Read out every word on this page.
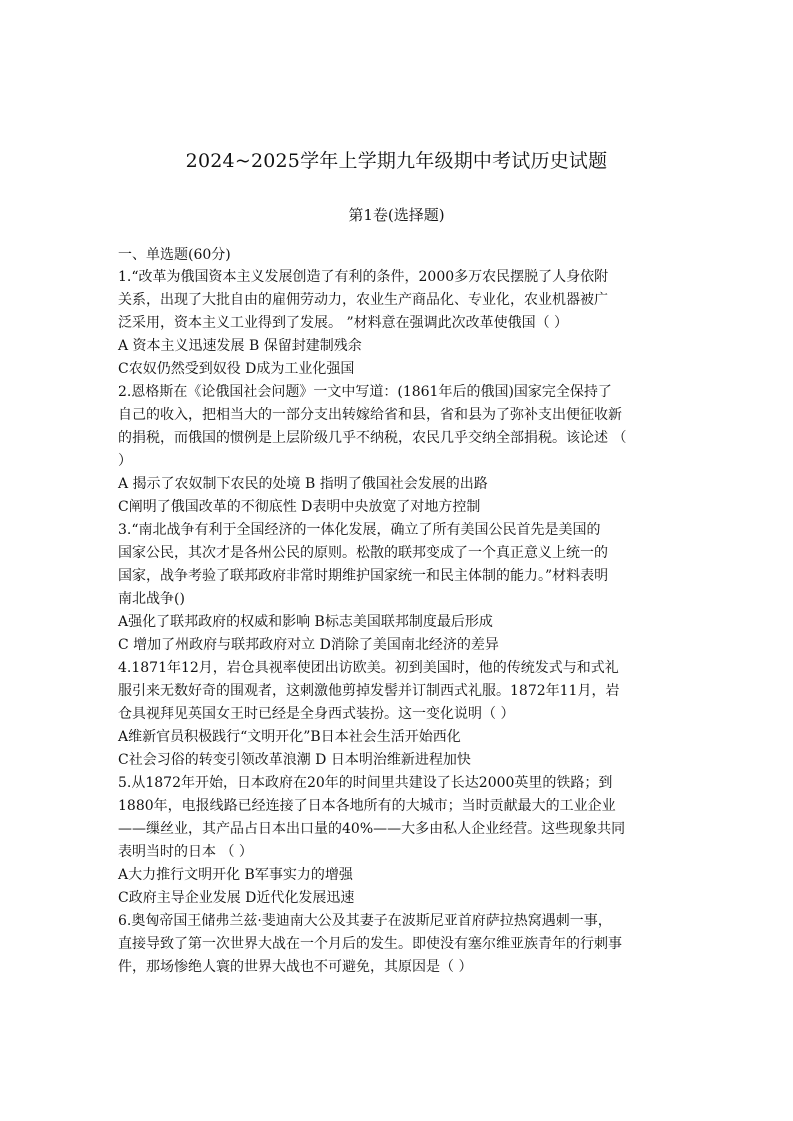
2024~2025学年上学期九年级期中考试历史试题
第1卷(选择题)
一、单选题(60分)
1.“改革为俄国资本主义发展创造了有利的条件，2000多万农民摆脱了人身依附
关系，出现了大批自由的雇佣劳动力，农业生产商品化、专业化，农业机器被广
泛采用，资本主义工业得到了发展。 ”材料意在强调此次改革使俄国（ ）
A 资本主义迅速发展 B 保留封建制残余
C农奴仍然受到奴役 D成为工业化强国
2.恩格斯在《论俄国社会问题》一文中写道：(1861年后的俄国)国家完全保持了
自己的收入，把相当大的一部分支出转嫁给省和县，省和县为了弥补支出便征收新
的捐税，而俄国的惯例是上层阶级几乎不纳税，农民几乎交纳全部捐税。该论述 （
）
A 揭示了农奴制下农民的处境 B 指明了俄国社会发展的出路
C阐明了俄国改革的不彻底性 D表明中央放宽了对地方控制
3.“南北战争有利于全国经济的一体化发展，确立了所有美国公民首先是美国的
国家公民，其次才是各州公民的原则。松散的联邦变成了一个真正意义上统一的
国家，战争考验了联邦政府非常时期维护国家统一和民主体制的能力。”材料表明
南北战争()
A强化了联邦政府的权威和影响 B标志美国联邦制度最后形成
C 增加了州政府与联邦政府对立 D消除了美国南北经济的差异
4.1871年12月，岩仓具视率使团出访欧美。初到美国时，他的传统发式与和式礼
服引来无数好奇的围观者，这刺激他剪掉发髻并订制西式礼服。1872年11月，岩
仓具视拜见英国女王时已经是全身西式装扮。这一变化说明（ ）
A维新官员积极践行“文明开化”B日本社会生活开始西化
C社会习俗的转变引领改革浪潮 D 日本明治维新进程加快
5.从1872年开始，日本政府在20年的时间里共建设了长达2000英里的铁路；到
1880年，电报线路已经连接了日本各地所有的大城市；当时贡献最大的工业企业
——缫丝业，其产品占日本出口量的40%——大多由私人企业经营。这些现象共同
表明当时的日本 （ ）
A大力推行文明开化 B军事实力的增强
C政府主导企业发展 D近代化发展迅速
6.奥匈帝国王储弗兰兹·斐迪南大公及其妻子在波斯尼亚首府萨拉热窝遇刺一事，
直接导致了第一次世界大战在一个月后的发生。即使没有塞尔维亚族青年的行刺事
件，那场惨绝人寰的世界大战也不可避免，其原因是（ ）
